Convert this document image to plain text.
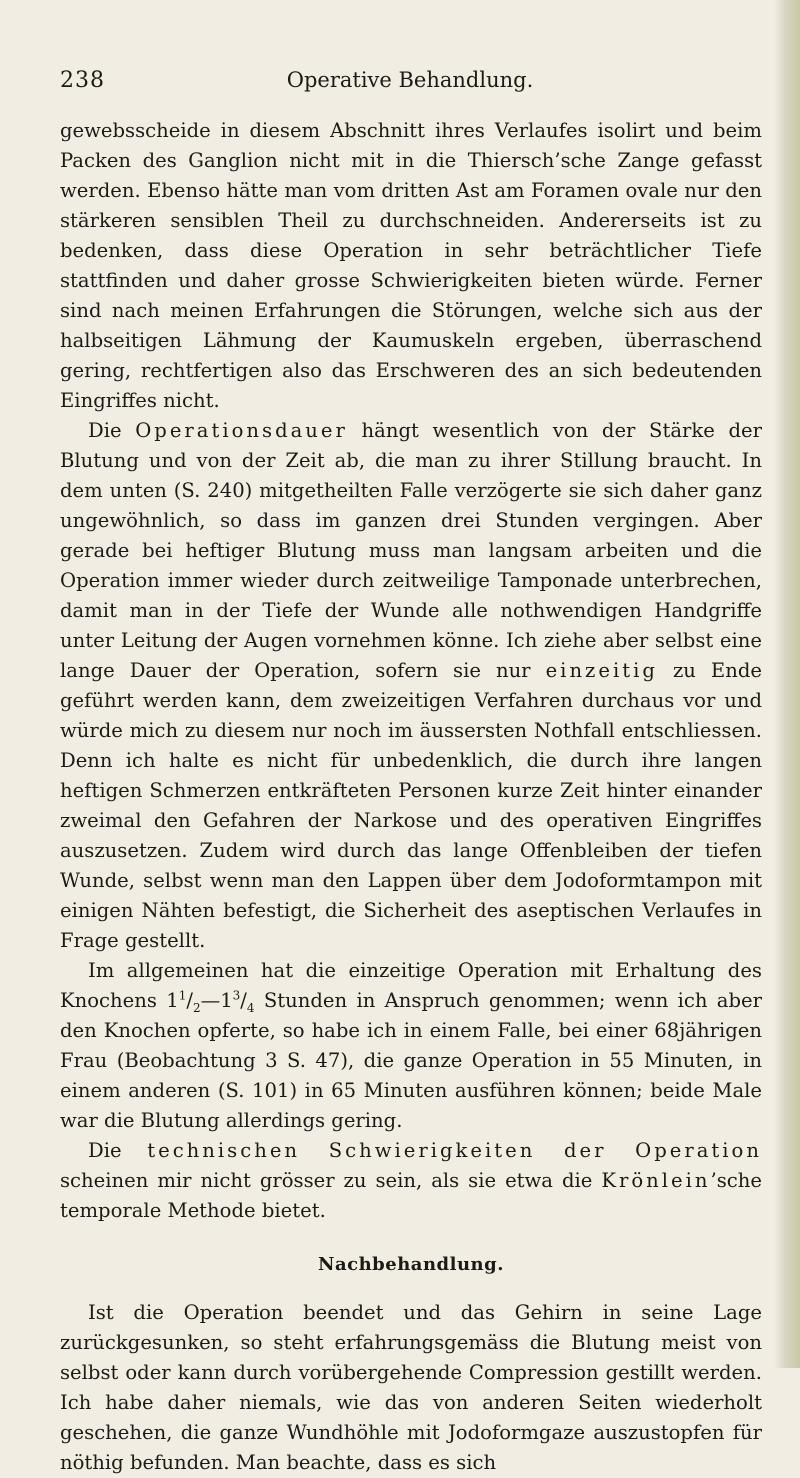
238	Operative Behandlung.

gewebsscheide in diesem Abschnitt ihres Verlaufes isolirt und beim Packen des Ganglion nicht mit in die Thiersch’sche Zange gefasst werden. Ebenso hätte man vom dritten Ast am Foramen ovale nur den stärkeren sensiblen Theil zu durchschneiden. Andererseits ist zu bedenken, dass diese Operation in sehr beträchtlicher Tiefe stattfinden und daher grosse Schwierigkeiten bieten würde. Ferner sind nach meinen Erfahrungen die Störungen, welche sich aus der halbseitigen Lähmung der Kaumuskeln ergeben, überraschend gering, rechtfertigen also das Erschweren des an sich bedeutenden Eingriffes nicht.

Die Operationsdauer hängt wesentlich von der Stärke der Blutung und von der Zeit ab, die man zu ihrer Stillung braucht. In dem unten (S. 240) mitgetheilten Falle verzögerte sie sich daher ganz ungewöhnlich, so dass im ganzen drei Stunden vergingen. Aber gerade bei heftiger Blutung muss man langsam arbeiten und die Operation immer wieder durch zeitweilige Tamponade unterbrechen, damit man in der Tiefe der Wunde alle nothwendigen Handgriffe unter Leitung der Augen vornehmen könne. Ich ziehe aber selbst eine lange Dauer der Operation, sofern sie nur einzeitig zu Ende geführt werden kann, dem zweizeitigen Verfahren durchaus vor und würde mich zu diesem nur noch im äussersten Nothfall entschliessen. Denn ich halte es nicht für unbedenklich, die durch ihre langen heftigen Schmerzen entkräfteten Personen kurze Zeit hinter einander zweimal den Gefahren der Narkose und des operativen Eingriffes auszusetzen. Zudem wird durch das lange Offenbleiben der tiefen Wunde, selbst wenn man den Lappen über dem Jodoformtampon mit einigen Nähten befestigt, die Sicherheit des aseptischen Verlaufes in Frage gestellt.

Im allgemeinen hat die einzeitige Operation mit Erhaltung des Knochens $1^1/_2—1^3/_4$ Stunden in Anspruch genommen; wenn ich aber den Knochen opferte, so habe ich in einem Falle, bei einer 68jährigen Frau (Beobachtung 3 S. 47), die ganze Operation in 55 Minuten, in einem anderen (S. 101) in 65 Minuten ausführen können; beide Male war die Blutung allerdings gering.

Die technischen Schwierigkeiten der Operation scheinen mir nicht grösser zu sein, als sie etwa die Krönlein’sche temporale Methode bietet.

Nachbehandlung.

Ist die Operation beendet und das Gehirn in seine Lage zurückgesunken, so steht erfahrungsgemäss die Blutung meist von selbst oder kann durch vorübergehende Compression gestillt werden. Ich habe daher niemals, wie das von anderen Seiten wiederholt geschehen, die ganze Wundhöhle mit Jodoformgaze auszustopfen für nöthig befunden. Man beachte, dass es sich
